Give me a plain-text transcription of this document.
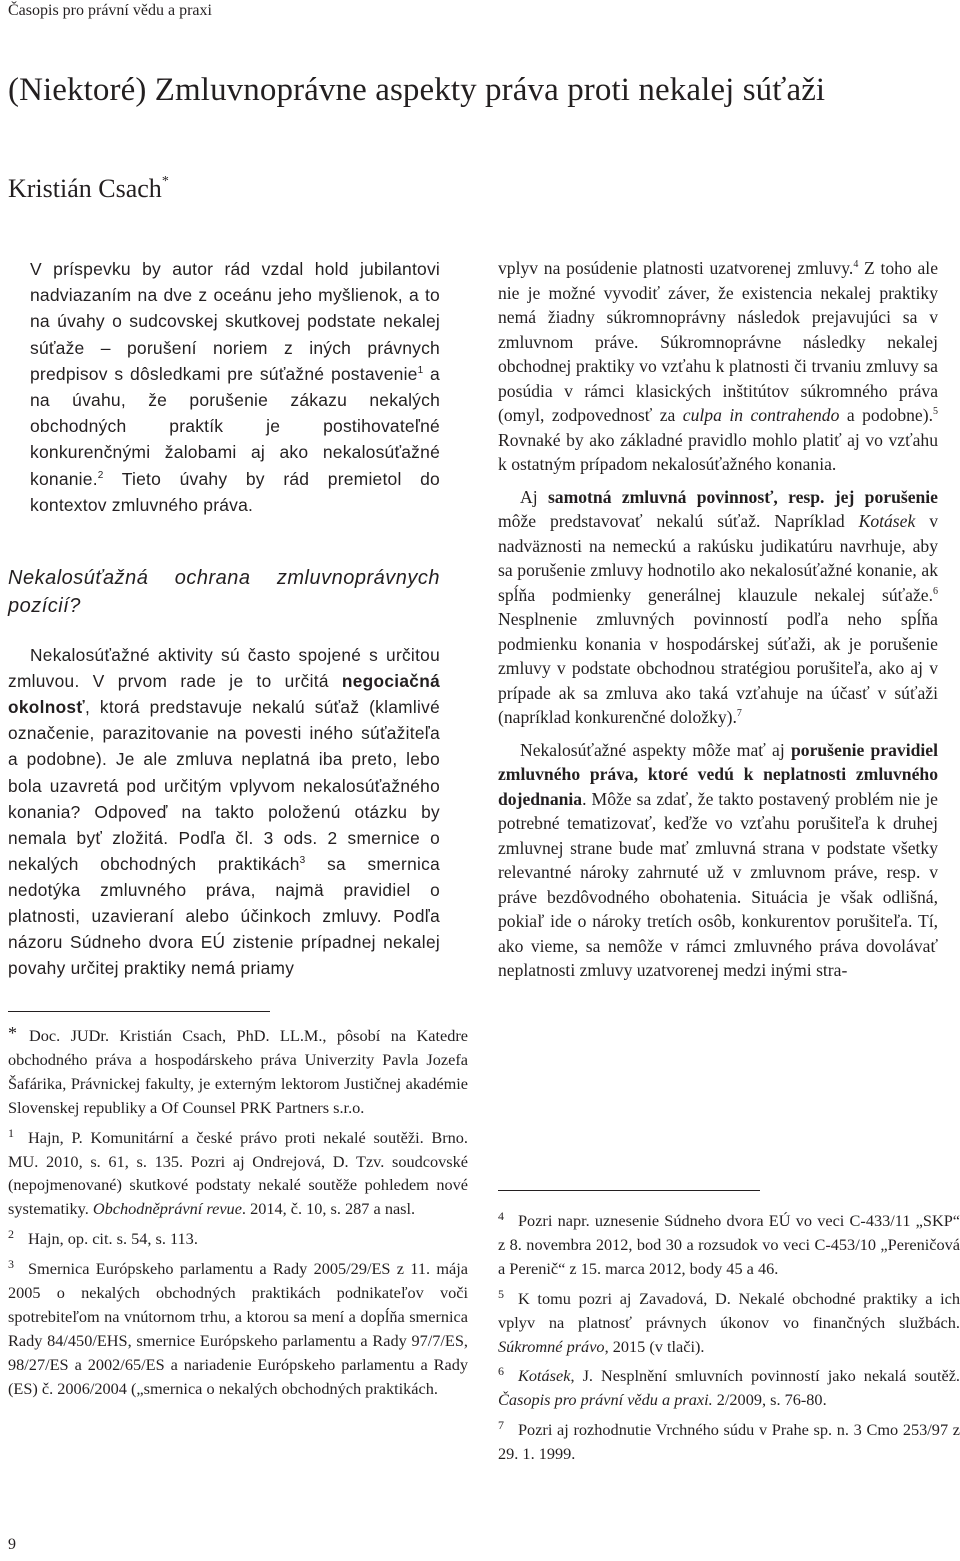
Časopis pro právní vědu a praxi
(Niektoré) Zmluvnoprávne aspekty práva proti nekalej súťaži
Kristián Csach*

V príspevku by autor rád vzdal hold jubilantovi nadviazaním na dve z oceánu jeho myšlienok, a to na úvahy o sudcovskej skutkovej podstate nekalej súťaže – porušení noriem z iných právnych predpisov s dôsledkami pre súťažné postavenie$^1$ a na úvahu, že porušenie zákazu nekalých obchodných praktík je postihovateľné konkurenčnými žalobami aj ako nekalosúťažné konanie.$^2$ Tieto úvahy by rád premietol do kontextov zmluvného práva.

Nekalosúťažná ochrana zmluvnoprávnych pozícií?

Nekalosúťažné aktivity sú často spojené s určitou zmluvou. V prvom rade je to určitá negociačná okolnosť, ktorá predstavuje nekalú súťaž (klamlivé označenie, parazitovanie na povesti iného súťažiteľa a podobne). Je ale zmluva neplatná iba preto, lebo bola uzavretá pod určitým vplyvom nekalosúťažného konania? Odpoveď na takto položenú otázku by nemala byť zložitá. Podľa čl. 3 ods. 2 smernice o nekalých obchodných praktikách$^3$ sa smernica nedotýka zmluvného práva, najmä pravidiel o platnosti, uzavieraní alebo účinkoch zmluvy. Podľa názoru Súdneho dvora EÚ zistenie prípadnej nekalej povahy určitej praktiky nemá priamy

* Doc. JUDr. Kristián Csach, PhD. LL.M., pôsobí na Katedre obchodného práva a hospodárskeho práva Univerzity Pavla Jozefa Šafárika, Právnickej fakulty, je externým lektorom Justičnej akadémie Slovenskej republiky a Of Counsel PRK Partners s.r.o.

$^1$ Hajn, P. Komunitární a české právo proti nekalé soutěži. Brno. MU. 2010, s. 61, s. 135. Pozri aj Ondrejová, D. Tzv. soudcovské (nepojmenované) skutkové podstaty nekalé soutěže pohledem nové systematiky. Obchodněprávní revue. 2014, č. 10, s. 287 a nasl.

$^2$ Hajn, op. cit. s. 54, s. 113.

$^3$ Smernica Európskeho parlamentu a Rady 2005/29/ES z 11. mája 2005 o nekalých obchodných praktikách podnikateľov voči spotrebiteľom na vnútornom trhu, a ktorou sa mení a dopĺňa smernica Rady 84/450/EHS, smernice Európskeho parlamentu a Rady 97/7/ES, 98/27/ES a 2002/65/ES a nariadenie Európskeho parlamentu a Rady (ES) č. 2006/2004 („smernica o nekalých obchodných praktikách.

vplyv na posúdenie platnosti uzatvorenej zmluvy.$^4$ Z toho ale nie je možné vyvodiť záver, že existencia nekalej praktiky nemá žiadny súkromnoprávny následok prejavujúci sa v zmluvnom práve. Súkromnoprávne následky nekalej obchodnej praktiky vo vzťahu k platnosti či trvaniu zmluvy sa posúdia v rámci klasických inštitútov súkromného práva (omyl, zodpovednosť za culpa in contrahendo a podobne).$^5$ Rovnaké by ako základné pravidlo mohlo platiť aj vo vzťahu k ostatným prípadom nekalosúťažného konania.

Aj samotná zmluvná povinnosť, resp. jej porušenie môže predstavovať nekalú súťaž. Napríklad Kotásek v nadväznosti na nemeckú a rakúsku judikatúru navrhuje, aby sa porušenie zmluvy hodnotilo ako nekalosúťažné konanie, ak spĺňa podmienky generálnej klauzule nekalej súťaže.$^6$ Nesplnenie zmluvných povinností podľa neho spĺňa podmienku konania v hospodárskej súťaži, ak je porušenie zmluvy v podstate obchodnou stratégiou porušiteľa, ako aj v prípade ak sa zmluva ako taká vzťahuje na účasť v súťaži (napríklad konkurenčné doložky).$^7$

Nekalosúťažné aspekty môže mať aj porušenie pravidiel zmluvného práva, ktoré vedú k neplatnosti zmluvného dojednania. Môže sa zdať, že takto postavený problém nie je potrebné tematizovať, keďže vo vzťahu porušiteľa k druhej zmluvnej strane bude mať zmluvná strana v podstate všetky relevantné nároky zahrnuté už v zmluvnom práve, resp. v práve bezdôvodného obohatenia. Situácia je však odlišná, pokiaľ ide o nároky tretích osôb, konkurentov porušiteľa. Tí, ako vieme, sa nemôže v rámci zmluvného práva dovolávať neplatnosti zmluvy uzatvorenej medzi inými stra-

$^4$ Pozri napr. uznesenie Súdneho dvora EÚ vo veci C-433/11 „SKP“ z 8. novembra 2012, bod 30 a rozsudok vo veci C-453/10 „Pereničová a Perenič“ z 15. marca 2012, body 45 a 46.

$^5$ K tomu pozri aj Zavadová, D. Nekalé obchodné praktiky a ich vplyv na platnosť právnych úkonov vo finančných službách. Súkromné právo, 2015 (v tlači).

$^6$ Kotásek, J. Nesplnění smluvních povinností jako nekalá soutěž. Časopis pro právní vědu a praxi. 2/2009, s. 76-80.

$^7$ Pozri aj rozhodnutie Vrchného súdu v Prahe sp. n. 3 Cmo 253/97 z 29. 1. 1999.

9
